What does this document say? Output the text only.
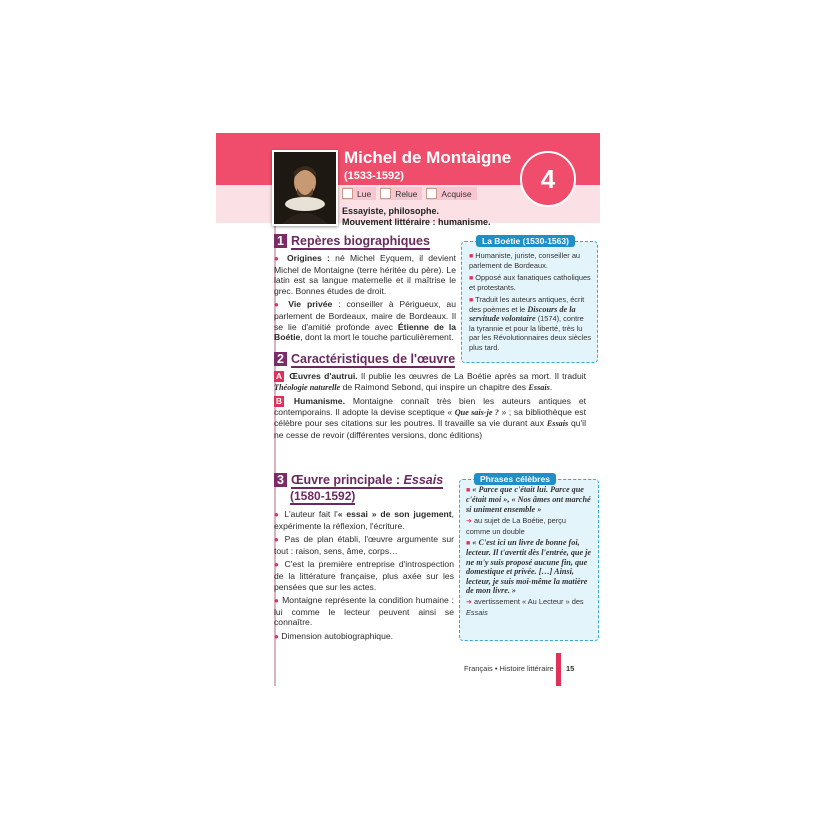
Michel de Montaigne
(1533-1592)
Lue	Relue	Acquise
Essayiste, philosophe.
Mouvement littéraire : humanisme.
4
1 Repères biographiques

● Origines : né Michel Eyquem, il devient Michel de Montaigne (terre héritée du père). Le latin est sa langue maternelle et il maîtrise le grec. Bonnes études de droit.

● Vie privée : conseiller à Périgueux, au parlement de Bordeaux, maire de Bordeaux. Il se lie d'amitié profonde avec Étienne de la Boétie, dont la mort le touche particulièrement.

La Boétie (1530-1563)

■ Humaniste, juriste, conseiller au parlement de Bordeaux.

■ Opposé aux fanatiques catholiques et protestants.

■ Traduit les auteurs antiques, écrit des poèmes et le Discours de la servitude volontaire (1574), contre la tyrannie et pour la liberté, très lu par les Révolutionnaires deux siècles plus tard.

2 Caractéristiques de l'œuvre

A Œuvres d'autrui. Il publie les œuvres de La Boétie après sa mort. Il traduit Théologie naturelle de Raimond Sebond, qui inspire un chapitre des Essais.

B Humanisme. Montaigne connaît très bien les auteurs antiques et contemporains. Il adopte la devise sceptique « Que sais-je ? » ; sa bibliothèque est célèbre pour ses citations sur les poutres. Il travaille sa vie durant aux Essais qu'il ne cesse de revoir (différentes versions, donc éditions)

3 Œuvre principale : Essais
(1580-1592)

● L'auteur fait l'« essai » de son jugement, expérimente la réflexion, l'écriture.

● Pas de plan établi, l'œuvre argumente sur tout : raison, sens, âme, corps…

● C'est la première entreprise d'introspection de la littérature française, plus axée sur les pensées que sur les actes.

● Montaigne représente la condition humaine : lui comme le lecteur peuvent ainsi se connaître.

● Dimension autobiographique.

Phrases célèbres

■ « Parce que c'était lui. Parce que c'était moi », « Nos âmes ont marché si uniment ensemble »

➜ au sujet de La Boétie, perçu comme un double

■ « C'est ici un livre de bonne foi, lecteur. Il t'avertit dès l'entrée, que je ne m'y suis proposé aucune fin, que domestique et privée. […] Ainsi, lecteur, je suis moi-même la matière de mon livre. »

➜ avertissement « Au Lecteur » des Essais

Français • Histoire littéraire 15
